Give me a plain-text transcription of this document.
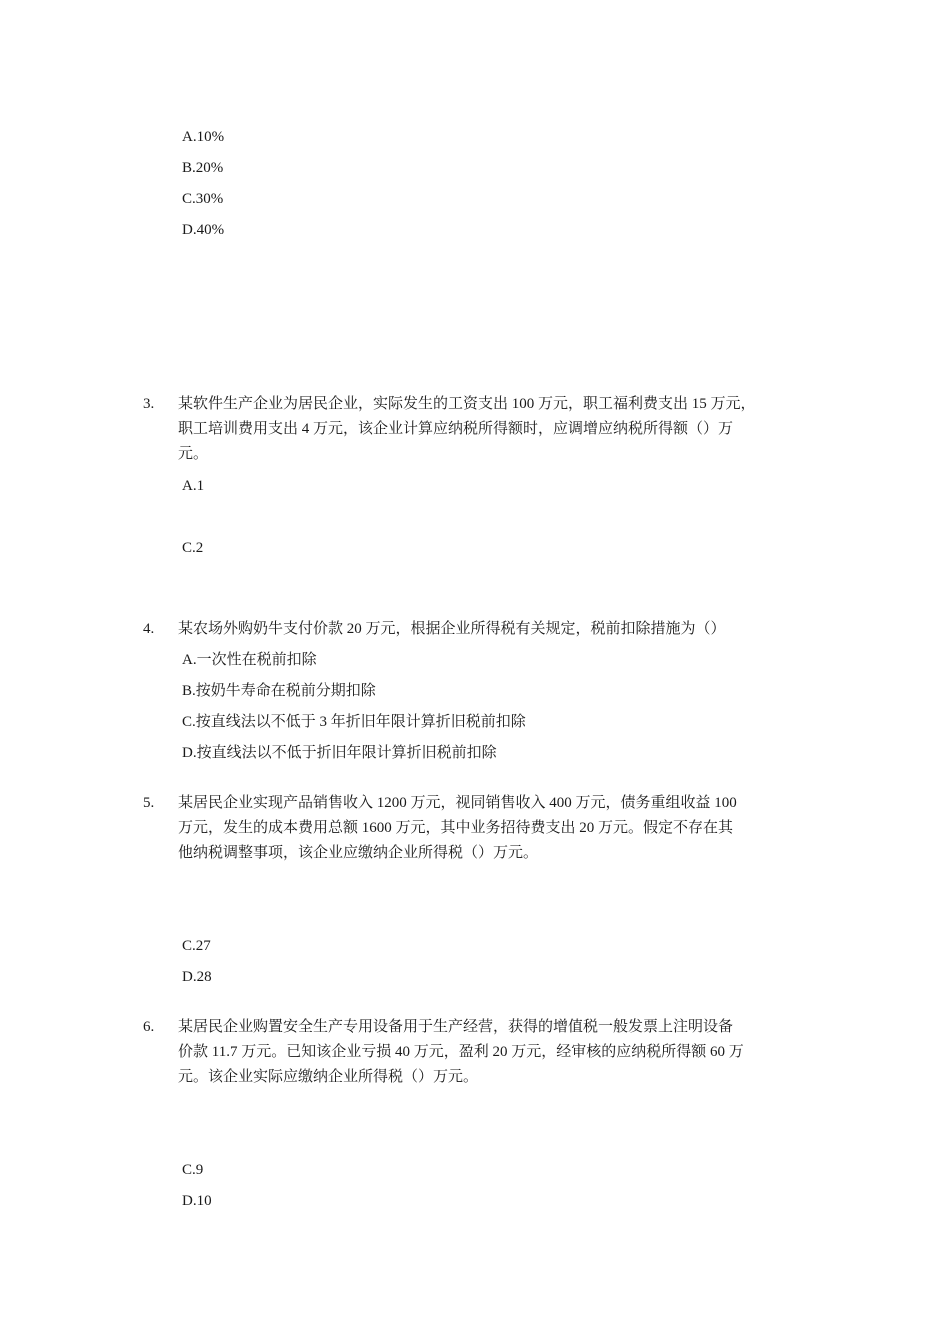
A.10%
B.20%
C.30%
D.40%
3. 某软件生产企业为居民企业，实际发生的工资支出 100 万元，职工福利费支出 15 万元，
职工培训费用支出 4 万元，该企业计算应纳税所得额时，应调增应纳税所得额（）万
元。
A.1
C.2
4. 某农场外购奶牛支付价款 20 万元，根据企业所得税有关规定，税前扣除措施为（）
A.一次性在税前扣除
B.按奶牛寿命在税前分期扣除
C.按直线法以不低于 3 年折旧年限计算折旧税前扣除
D.按直线法以不低于折旧年限计算折旧税前扣除
5. 某居民企业实现产品销售收入 1200 万元，视同销售收入 400 万元，债务重组收益 100
万元，发生的成本费用总额 1600 万元，其中业务招待费支出 20 万元。假定不存在其
他纳税调整事项，该企业应缴纳企业所得税（）万元。
C.27
D.28
6. 某居民企业购置安全生产专用设备用于生产经营，获得的增值税一般发票上注明设备
价款 11.7 万元。已知该企业亏损 40 万元，盈利 20 万元，经审核的应纳税所得额 60 万
元。该企业实际应缴纳企业所得税（）万元。
C.9
D.10
